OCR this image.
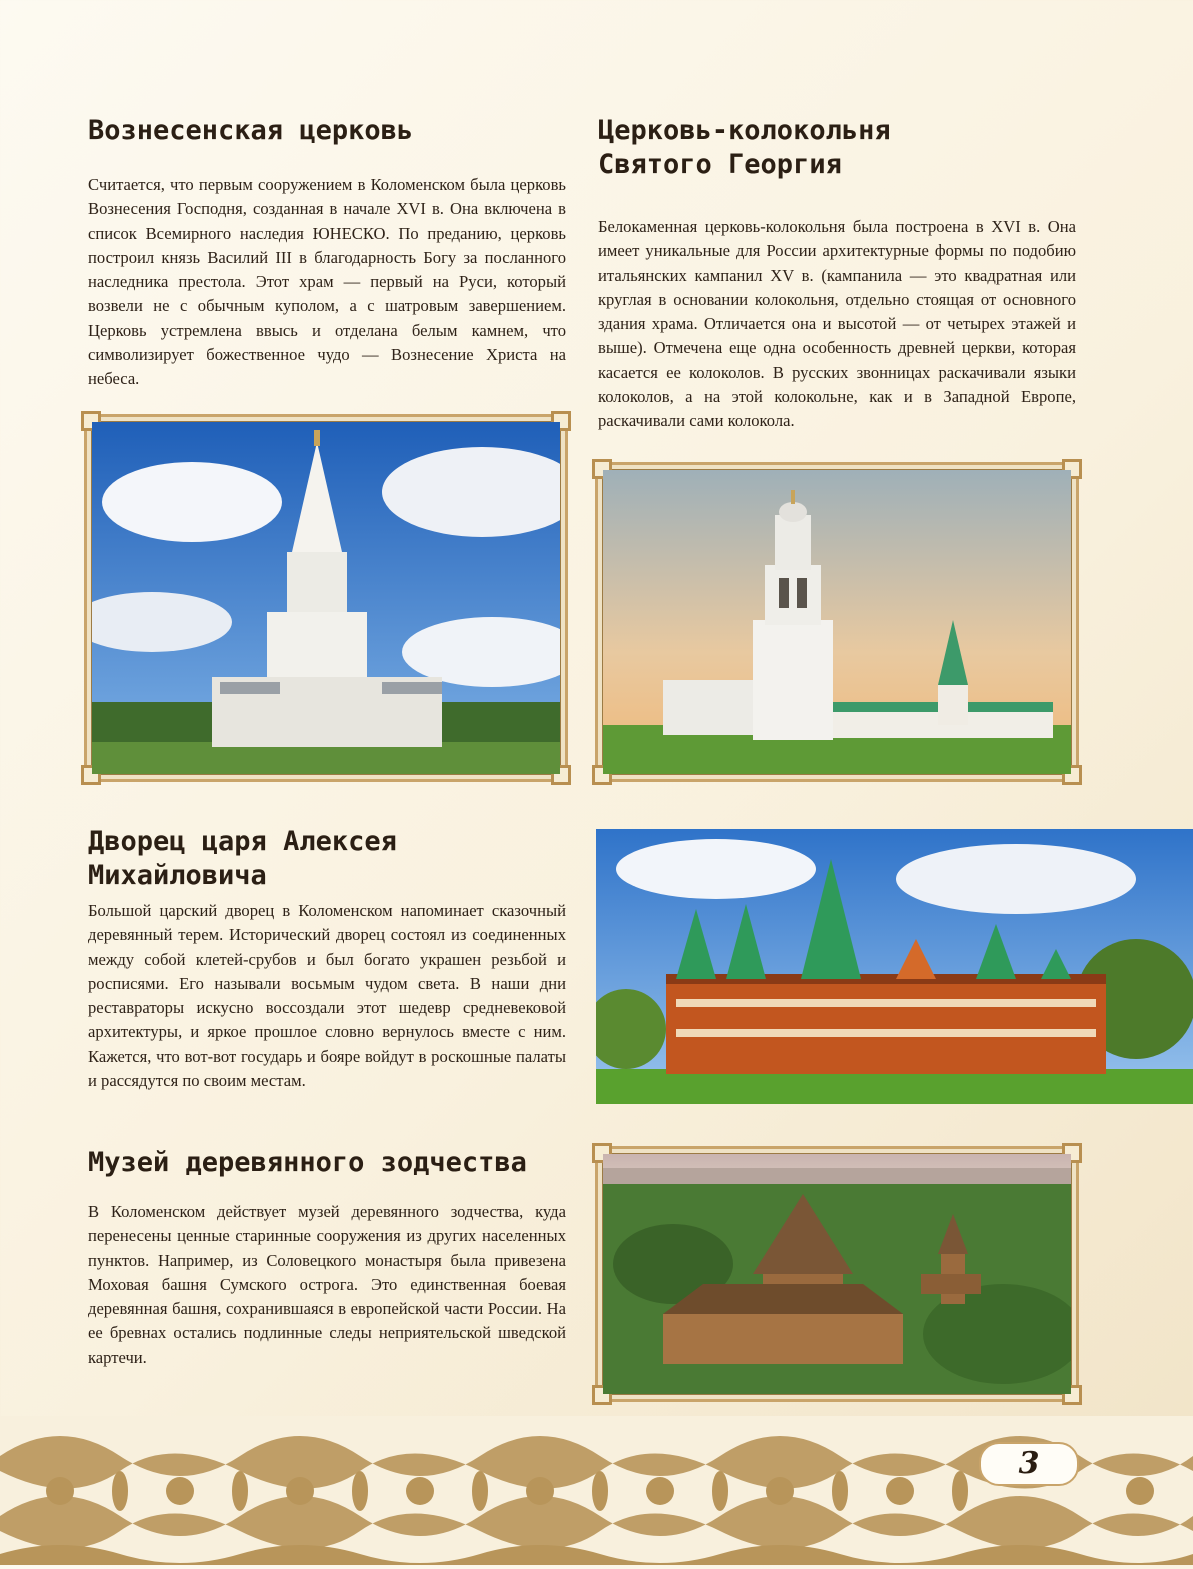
Вознесенская церковь

Считается, что первым сооружением в Коломенском была церковь Вознесения Господня, созданная в начале XVI в. Она включена в список Всемирного наследия ЮНЕСКО. По преданию, церковь построил князь Василий III в благодарность Богу за посланного наследника престола. Этот храм — первый на Руси, который возвели не с обычным куполом, а с шатровым завершением. Церковь устремлена ввысь и отделана белым камнем, что символизирует божественное чудо — Вознесение Христа на небеса.

Церковь-колокольня Святого Георгия

Белокаменная церковь-колокольня была построена в XVI в. Она имеет уникальные для России архитектурные формы по подобию итальянских кампанил XV в. (кампанила — это квадратная или круглая в основании колокольня, отдельно стоящая от основного здания храма. Отличается она и высотой — от четырех этажей и выше). Отмечена еще одна особенность древней церкви, которая касается ее колоколов. В русских звонницах раскачивали языки колоколов, а на этой колокольне, как и в Западной Европе, раскачивали сами колокола.

Дворец царя Алексея Михайловича

Большой царский дворец в Коломенском напоминает сказочный деревянный терем. Исторический дворец состоял из соединенных между собой клетей-срубов и был богато украшен резьбой и росписями. Его называли восьмым чудом света. В наши дни реставраторы искусно воссоздали этот шедевр средневековой архитектуры, и яркое прошлое словно вернулось вместе с ним. Кажется, что вот-вот государь и бояре войдут в роскошные палаты и рассядутся по своим местам.

Музей деревянного зодчества

В Коломенском действует музей деревянного зодчества, куда перенесены ценные старинные сооружения из других населенных пунктов. Например, из Соловецкого монастыря была привезена Моховая башня Сумского острога. Это единственная боевая деревянная башня, сохранившаяся в европейской части России. На ее бревнах остались подлинные следы неприятельской шведской картечи.

3
